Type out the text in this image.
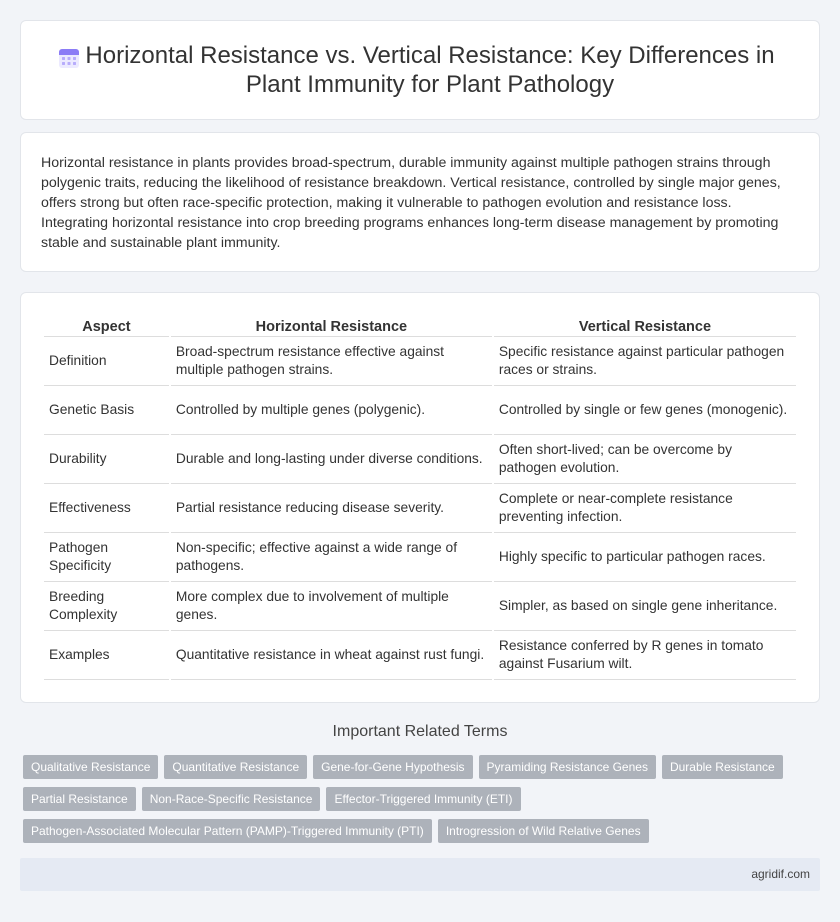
Horizontal Resistance vs. Vertical Resistance: Key Differences in Plant Immunity for Plant Pathology

Horizontal resistance in plants provides broad-spectrum, durable immunity against multiple pathogen strains through polygenic traits, reducing the likelihood of resistance breakdown. Vertical resistance, controlled by single major genes, offers strong but often race-specific protection, making it vulnerable to pathogen evolution and resistance loss. Integrating horizontal resistance into crop breeding programs enhances long-term disease management by promoting stable and sustainable plant immunity.

Aspect	Horizontal Resistance	Vertical Resistance
Definition	Broad-spectrum resistance effective against multiple pathogen strains.	Specific resistance against particular pathogen races or strains.
Genetic Basis	Controlled by multiple genes (polygenic).	Controlled by single or few genes (monogenic).
Durability	Durable and long-lasting under diverse conditions.	Often short-lived; can be overcome by pathogen evolution.
Effectiveness	Partial resistance reducing disease severity.	Complete or near-complete resistance preventing infection.
Pathogen Specificity	Non-specific; effective against a wide range of pathogens.	Highly specific to particular pathogen races.
Breeding Complexity	More complex due to involvement of multiple genes.	Simpler, as based on single gene inheritance.
Examples	Quantitative resistance in wheat against rust fungi.	Resistance conferred by R genes in tomato against Fusarium wilt.
Important Related Terms
Qualitative Resistance	Quantitative Resistance	Gene-for-Gene Hypothesis	Pyramiding Resistance Genes	Durable Resistance
Partial Resistance	Non-Race-Specific Resistance	Effector-Triggered Immunity (ETI)
Pathogen-Associated Molecular Pattern (PAMP)-Triggered Immunity (PTI)	Introgression of Wild Relative Genes
agridif.com
